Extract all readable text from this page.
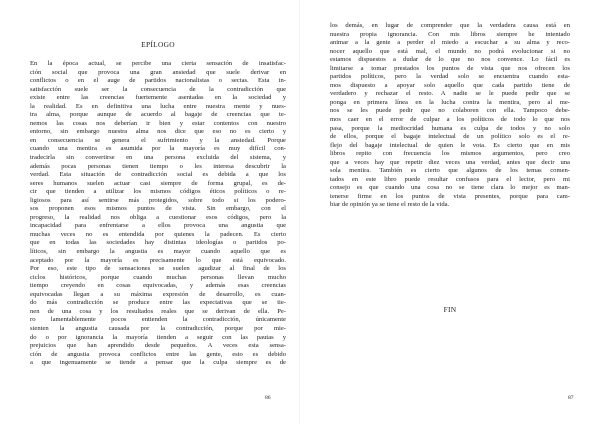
EPÍLOGO
En la época actual, se percibe una cierta sensación de insatisfac-
ción social que provoca una gran ansiedad que suele derivar en
conflictos o en el auge de partidos nacionalistas o sectas. Esta in-
satisfacción suele ser la consecuencia de la contradicción que
existe entre las creencias fuertemente asentadas en la sociedad y
la realidad. Es en definitiva una lucha entre nuestra mente y nues-
tra alma, porque aunque de acuerdo al bagaje de creencias que te-
nemos las cosas nos deberían ir bien y estar contentos con nuestro
entorno, sin embargo nuestra alma nos dice que eso no es cierto y
en consecuencia se genera el sufrimiento y la ansiedad. Porque
cuando una mentira es asumida por la mayoría es muy difícil con-
tradecirla sin convertirse en una persona excluida del sistema, y
además pocas personas tienen tiempo o les interesa descubrir la
verdad. Esta situación de contradicción social es debida a que los
seres humanos suelen actuar casi siempre de forma grupal, es de-
cir que tienden a utilizar los mismos códigos éticos políticos o re-
ligiosos para así sentirse más protegidos, sobre todo si los podero-
sos proponen esos mismos puntos de vista. Sin embargo, con el
progreso, la realidad nos obliga a cuestionar esos códigos, pero la
incapacidad para enfrentarse a ellos provoca una angustia que
muchas veces no es entendida por quienes la padecen. Es cierto
que en todas las sociedades hay distintas ideologías o partidos po-
líticos, sin embargo la angustia es mayor cuando aquello que es
aceptado por la mayoría es precisamente lo que está equivocado.
Por eso, este tipo de sensaciones se suelen agudizar al final de los
ciclos históricos, porque cuando muchas personas llevan mucho
tiempo creyendo en cosas equivocadas, y además esas creencias
equivocadas llegan a su máxima expresión de desarrollo, es cuan-
do más contradicción se produce entre las expectativas que se tie-
nen de una cosa y los resultados reales que se derivan de ella. Pe-
ro lamentablemente pocos entienden la contradicción, únicamente
sienten la angustia causada por la contradicción, porque por mie-
do o por ignorancia la mayoría tienden a seguir con las pautas y
prejuicios que han aprendido desde pequeños. A veces esta sensa-
ción de angustia provoca conflictos entre las gente, esto es debido
a que ingenuamente se tiende a pensar que la culpa siempre es de
86
los demás, en lugar de comprender que la verdadera causa está en
nuestra propia ignorancia. Con mis libros siempre he intentado
animar a la gente a perder el miedo a escuchar a su alma y reco-
nocer aquello que está mal, el mundo no podrá evolucionar si no
estamos dispuestos a dudar de lo que no nos convence. Lo fácil es
limitarse a tomar prestados los puntos de vista que nos ofrecen los
partidos políticos, pero la verdad solo se encuentra cuando esta-
mos dispuesto a apoyar solo aquello que cada partido tiene de
verdadero y rechazar el resto. A nadie se le puede pedir que se
ponga en primera línea en la lucha contra la mentira, pero al me-
nos se les puede pedir que no colaboren con ella. Tampoco debe-
mos caer en el error de culpar a los políticos de todo lo que nos
pasa, porque la mediocridad humana es culpa de todos y no solo
de ellos, porque el bagaje intelectual de un político solo es el re-
flejo del bagaje intelectual de quien le vota. Es cierto que en mis
libros repito con frecuencia los mismos argumentos, pero creo
que a veces hay que repetir diez veces una verdad, antes que decir una
sola mentira. También es cierto que algunos de los temas comen-
tados en este libro puede resultar confusos para el lector, pero mi
consejo es que cuando una cosa no se tiene clara lo mejor es man-
tenerse firme en los puntos de vista presentes, porque para cam-
biar de opinión ya se tiene el resto de la vida.
FIN
87
